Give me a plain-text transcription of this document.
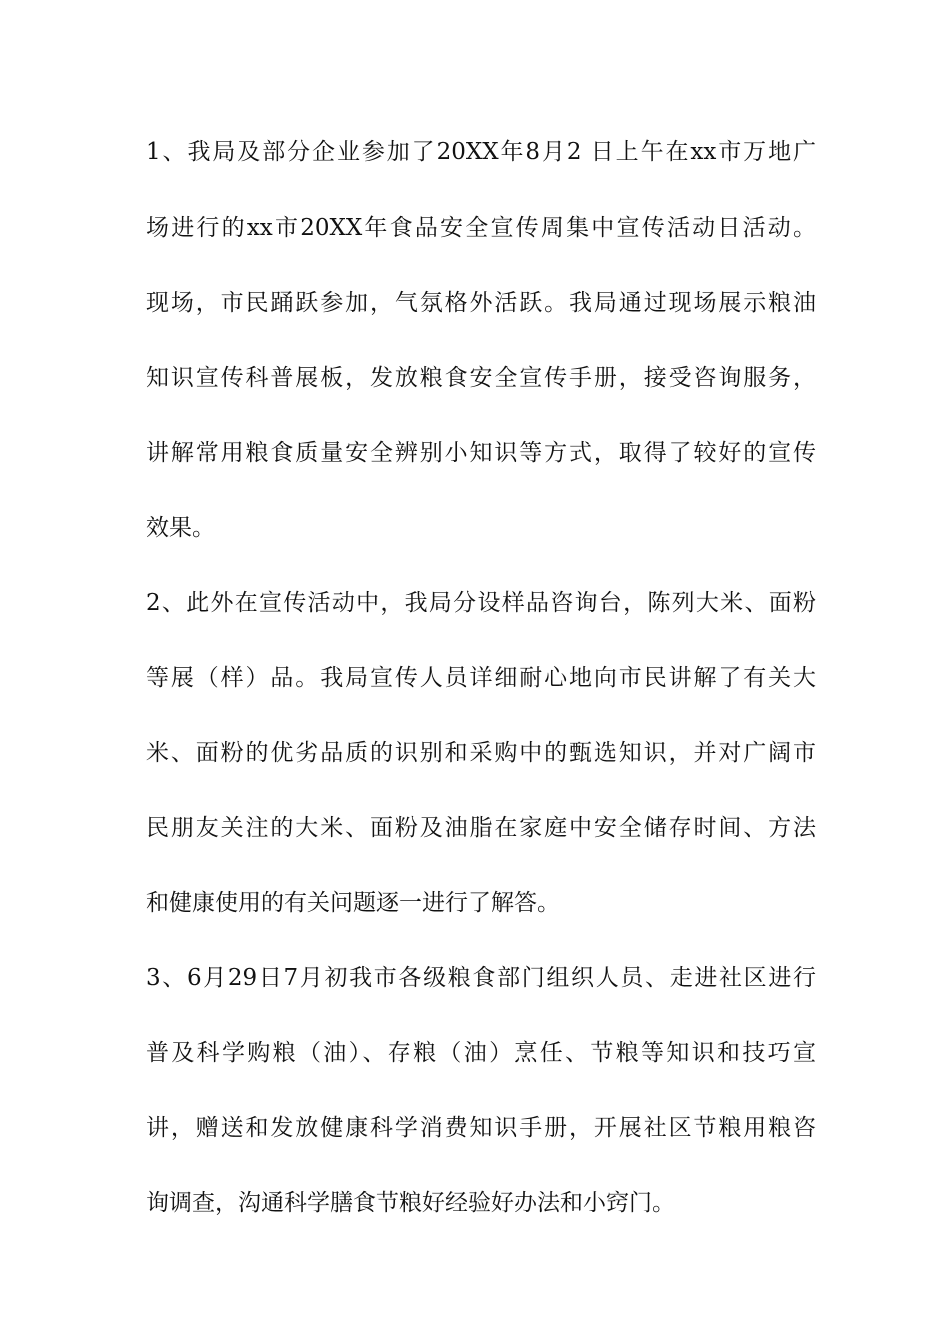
1、我局及部分企业参加了20XX年8月2 日上午在xx市万地广
场进行的xx市20XX年食品安全宣传周集中宣传活动日活动。
现场，市民踊跃参加，气氛格外活跃。我局通过现场展示粮油
知识宣传科普展板，发放粮食安全宣传手册，接受咨询服务，
讲解常用粮食质量安全辨别小知识等方式，取得了较好的宣传
效果。
2、此外在宣传活动中，我局分设样品咨询台，陈列大米、面粉
等展（样）品。我局宣传人员详细耐心地向市民讲解了有关大
米、面粉的优劣品质的识别和采购中的甄选知识，并对广阔市
民朋友关注的大米、面粉及油脂在家庭中安全储存时间、方法
和健康使用的有关问题逐一进行了解答。
3、6月29日7月初我市各级粮食部门组织人员、走进社区进行
普及科学购粮（油）、存粮（油）烹任、节粮等知识和技巧宣
讲，赠送和发放健康科学消费知识手册，开展社区节粮用粮咨
询调查，沟通科学膳食节粮好经验好办法和小窍门。
